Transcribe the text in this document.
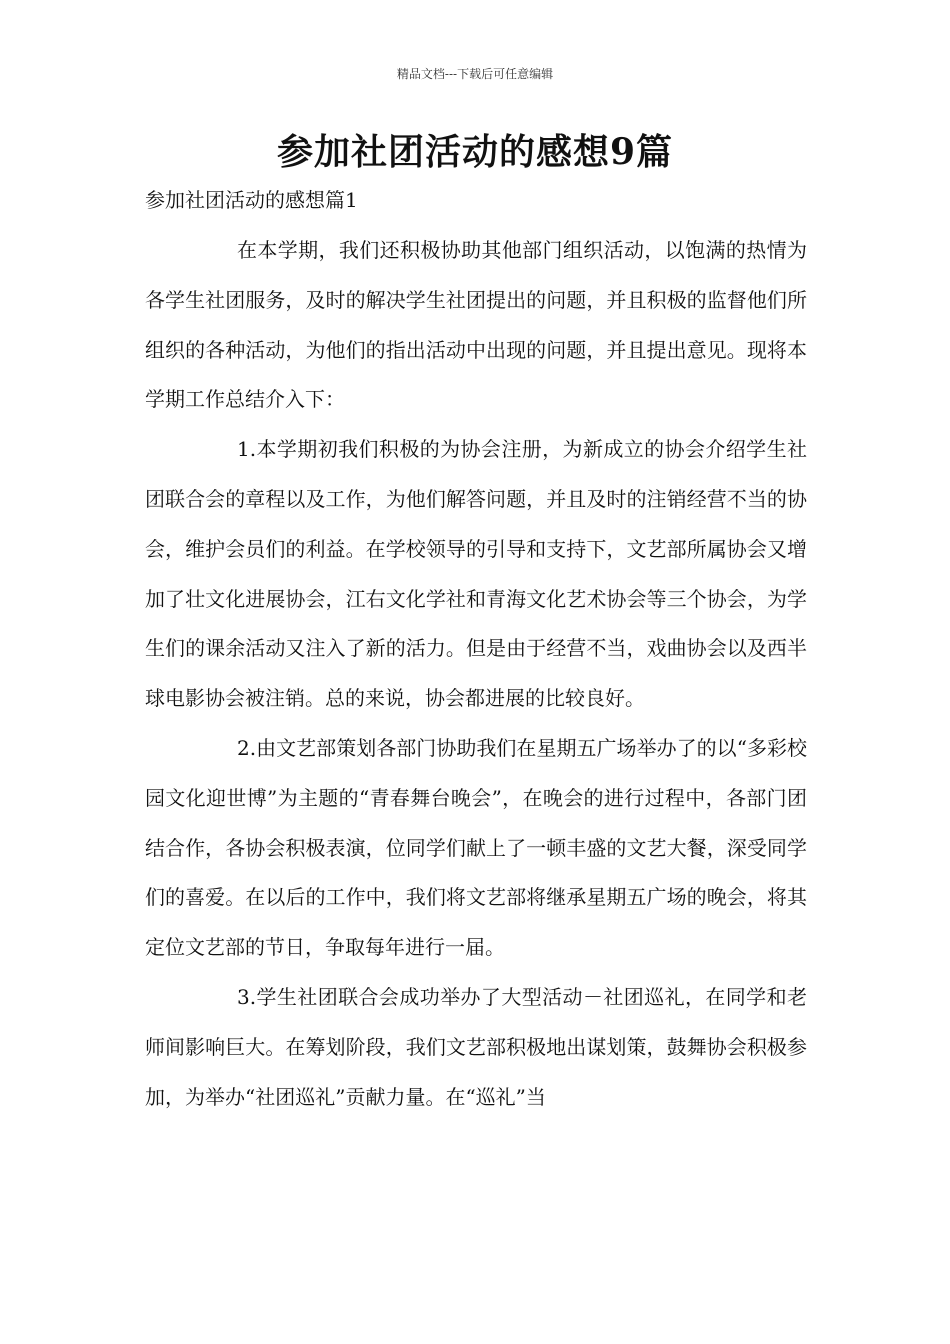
精品文档---下载后可任意编辑
参加社团活动的感想9篇
参加社团活动的感想篇1

在本学期，我们还积极协助其他部门组织活动，以饱满的热情为各学生社团服务，及时的解决学生社团提出的问题，并且积极的监督他们所组织的各种活动，为他们的指出活动中出现的问题，并且提出意见。现将本学期工作总结介入下：

1.本学期初我们积极的为协会注册，为新成立的协会介绍学生社团联合会的章程以及工作，为他们解答问题，并且及时的注销经营不当的协会，维护会员们的利益。在学校领导的引导和支持下，文艺部所属协会又增加了壮文化进展协会，江右文化学社和青海文化艺术协会等三个协会，为学生们的课余活动又注入了新的活力。但是由于经营不当，戏曲协会以及西半球电影协会被注销。总的来说，协会都进展的比较良好。

2.由文艺部策划各部门协助我们在星期五广场举办了的以“多彩校园文化迎世博”为主题的“青春舞台晚会”，在晚会的进行过程中，各部门团结合作，各协会积极表演，位同学们献上了一顿丰盛的文艺大餐，深受同学们的喜爱。在以后的工作中，我们将文艺部将继承星期五广场的晚会，将其定位文艺部的节日，争取每年进行一届。

3.学生社团联合会成功举办了大型活动－社团巡礼，在同学和老师间影响巨大。在筹划阶段，我们文艺部积极地出谋划策，鼓舞协会积极参加，为举办“社团巡礼”贡献力量。在“巡礼”当
